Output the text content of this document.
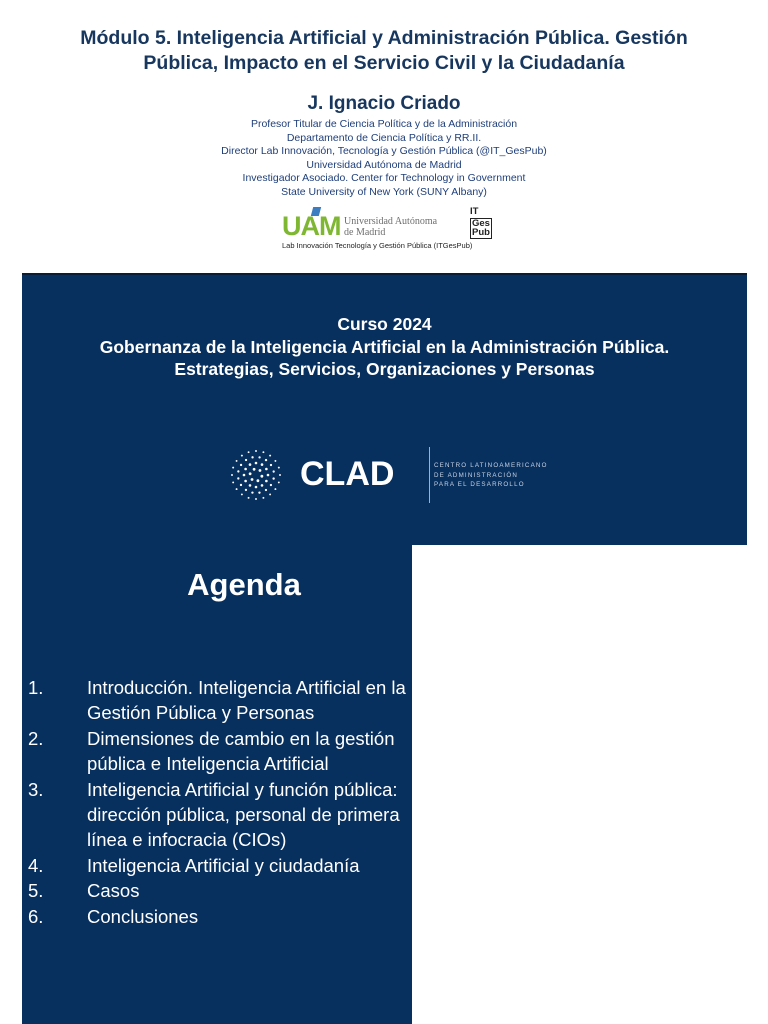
Módulo 5. Inteligencia Artificial y Administración Pública. Gestión
Pública, Impacto en el Servicio Civil y la Ciudadanía
J. Ignacio Criado
Profesor Titular de Ciencia Política y de la Administración
Departamento de Ciencia Política y RR.II.
Director Lab Innovación, Tecnología y Gestión Pública (@IT_GesPub)
Universidad Autónoma de Madrid
Investigador Asociado. Center for Technology in Government
State University of New York (SUNY Albany)
UAM Universidad Autónoma
de Madrid
IT
Ges
Pub
Lab Innovación Tecnología y Gestión Pública (ITGesPub)
Curso 2024
Gobernanza de la Inteligencia Artificial en la Administración Pública.
Estrategias, Servicios, Organizaciones y Personas
CLAD	CENTRO LATINOAMERICANO
DE ADMINISTRACIÓN
PARA EL DESARROLLO
Agenda
1. Introducción. Inteligencia Artificial en la Gestión Pública y Personas
2. Dimensiones de cambio en la gestión pública e Inteligencia Artificial
3. Inteligencia Artificial y función pública: dirección pública, personal de primera línea e infocracia (CIOs)
4. Inteligencia Artificial y ciudadanía
5. Casos
6. Conclusiones
